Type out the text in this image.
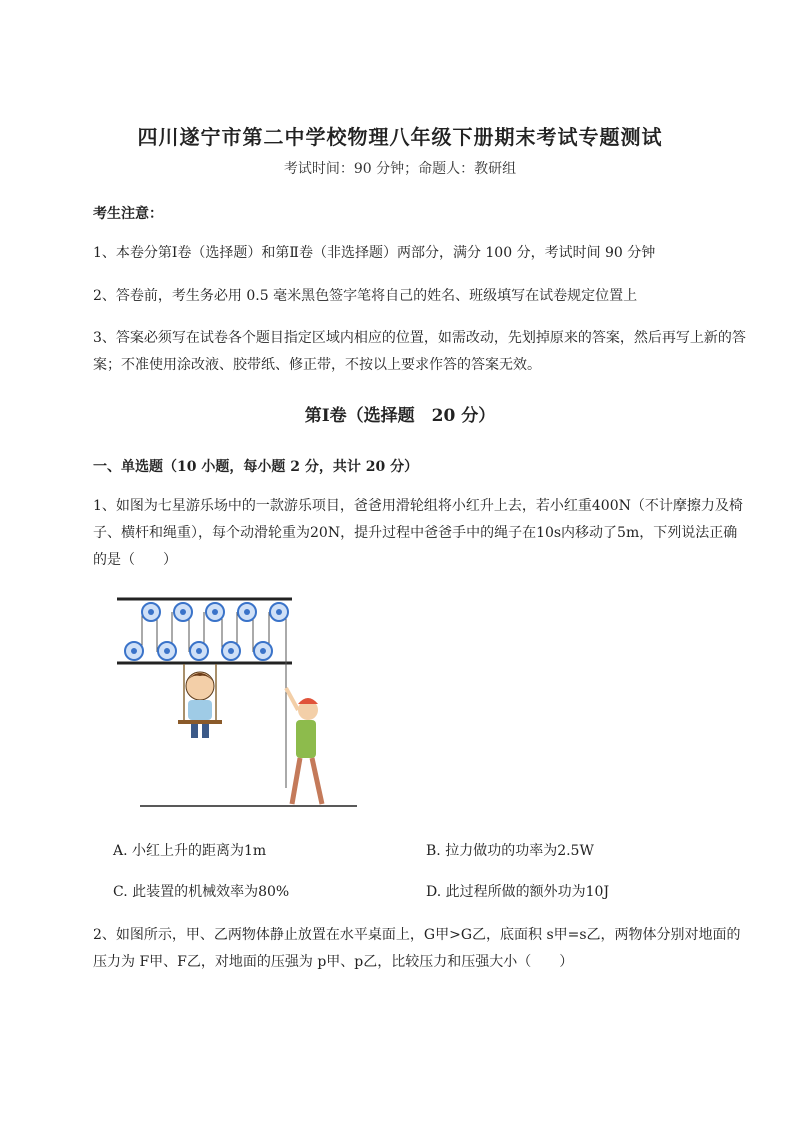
四川遂宁市第二中学校物理八年级下册期末考试专题测试
考试时间：90 分钟；命题人：教研组
考生注意：
1、本卷分第Ⅰ卷（选择题）和第Ⅱ卷（非选择题）两部分，满分 100 分，考试时间 90 分钟
2、答卷前，考生务必用 0.5 毫米黑色签字笔将自己的姓名、班级填写在试卷规定位置上
3、答案必须写在试卷各个题目指定区域内相应的位置，如需改动，先划掉原来的答案，然后再写上新的答案；不准使用涂改液、胶带纸、修正带，不按以上要求作答的答案无效。
第Ⅰ卷（选择题　20 分）
一、单选题（10 小题，每小题 2 分，共计 20 分）
1、如图为七星游乐场中的一款游乐项目，爸爸用滑轮组将小红升上去，若小红重400N（不计摩擦力及椅子、横杆和绳重），每个动滑轮重为20N，提升过程中爸爸手中的绳子在10s内移动了5m，下列说法正确的是（　　）
A. 小红上升的距离为1m	B. 拉力做功的功率为2.5W
C. 此装置的机械效率为80%	D. 此过程所做的额外功为10J
2、如图所示，甲、乙两物体静止放置在水平桌面上，G甲>G乙，底面积 s甲=s乙，两物体分别对地面的
压力为 F甲、F乙，对地面的压强为 p甲、p乙，比较压力和压强大小（　　）
